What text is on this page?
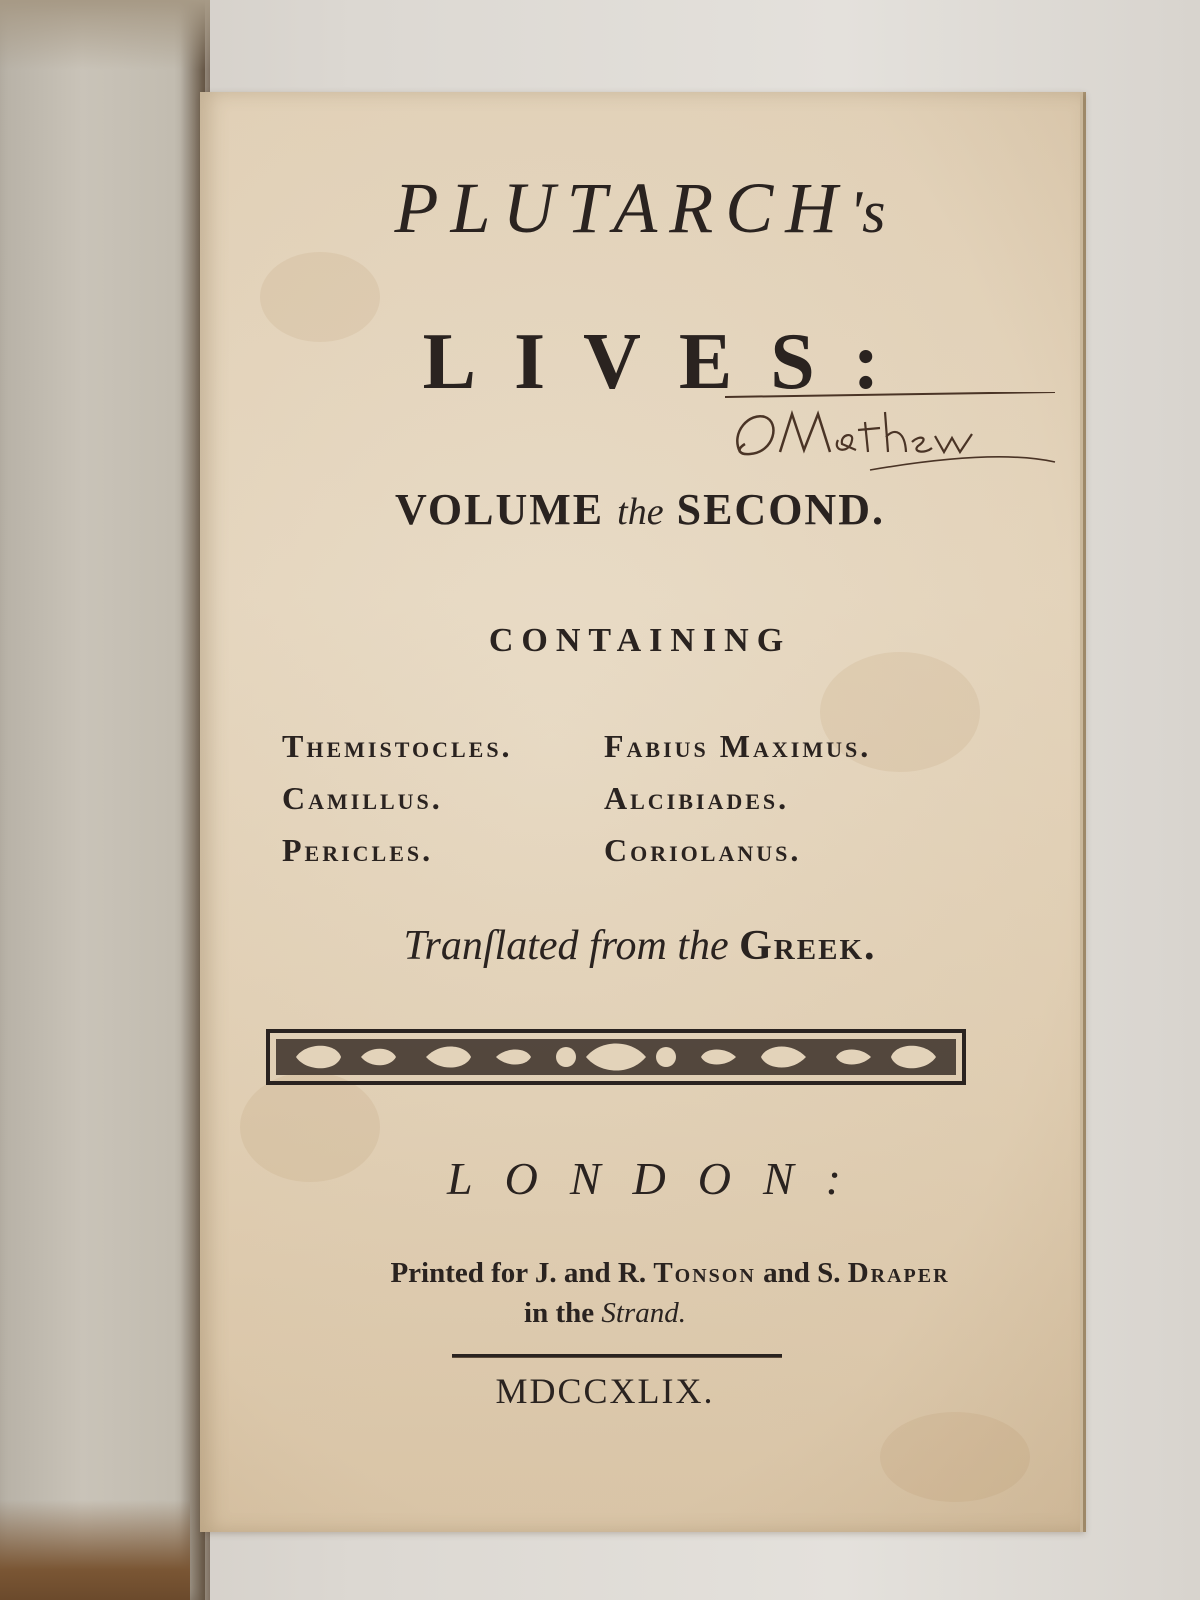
PLUTARCH's
LIVES:
VOLUME the SECOND.
CONTAINING
Themistocles.	Fabius Maximus.
Camillus.	Alcibiades.
Pericles.	Coriolanus.
Tranſlated from the Greek.
LONDON:
Printed for J. and R. Tonson and S. Draper
in the Strand.
MDCCXLIX.
